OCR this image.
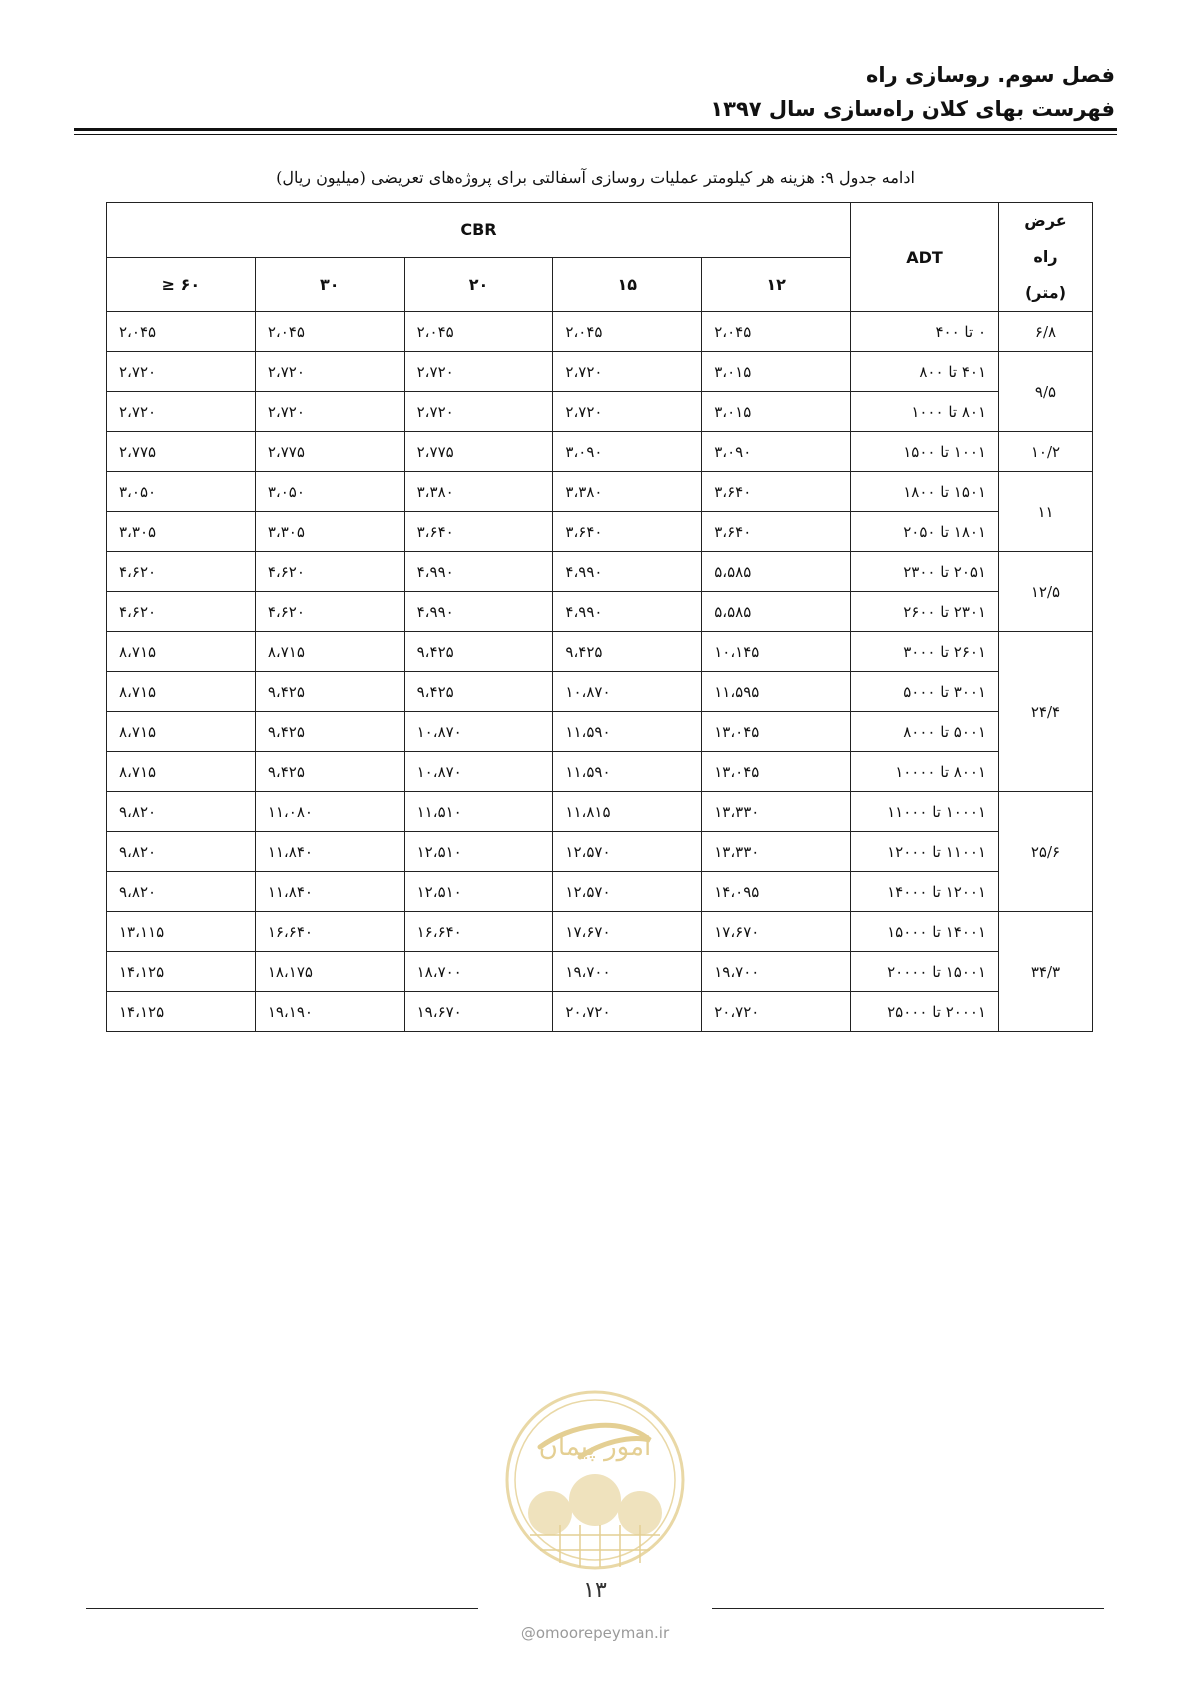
فصل سوم. روسازی راه
فهرست بهای کلان راه‌سازی سال ۱۳۹۷
ادامه جدول ۹: هزینه هر کیلومتر عملیات روسازی آسفالتی برای پروژه‌های تعریضی (میلیون ریال)
عرض راه (متر)	ADT	CBR				
		۱۲	۱۵	۲۰	۳۰	۶۰ ≤
۶/۸	۰ تا ۴۰۰	۲،۰۴۵	۲،۰۴۵	۲،۰۴۵	۲،۰۴۵	۲،۰۴۵
۹/۵	۴۰۱ تا ۸۰۰	۳،۰۱۵	۲،۷۲۰	۲،۷۲۰	۲،۷۲۰	۲،۷۲۰
	۸۰۱ تا ۱۰۰۰	۳،۰۱۵	۲،۷۲۰	۲،۷۲۰	۲،۷۲۰	۲،۷۲۰
۱۰/۲	۱۰۰۱ تا ۱۵۰۰	۳،۰۹۰	۳،۰۹۰	۲،۷۷۵	۲،۷۷۵	۲،۷۷۵
۱۱	۱۵۰۱ تا ۱۸۰۰	۳،۶۴۰	۳،۳۸۰	۳،۳۸۰	۳،۰۵۰	۳،۰۵۰
	۱۸۰۱ تا ۲۰۵۰	۳،۶۴۰	۳،۶۴۰	۳،۶۴۰	۳،۳۰۵	۳،۳۰۵
۱۲/۵	۲۰۵۱ تا ۲۳۰۰	۵،۵۸۵	۴،۹۹۰	۴،۹۹۰	۴،۶۲۰	۴،۶۲۰
	۲۳۰۱ تا ۲۶۰۰	۵،۵۸۵	۴،۹۹۰	۴،۹۹۰	۴،۶۲۰	۴،۶۲۰
۲۴/۴	۲۶۰۱ تا ۳۰۰۰	۱۰،۱۴۵	۹،۴۲۵	۹،۴۲۵	۸،۷۱۵	۸،۷۱۵
	۳۰۰۱ تا ۵۰۰۰	۱۱،۵۹۵	۱۰،۸۷۰	۹،۴۲۵	۹،۴۲۵	۸،۷۱۵
	۵۰۰۱ تا ۸۰۰۰	۱۳،۰۴۵	۱۱،۵۹۰	۱۰،۸۷۰	۹،۴۲۵	۸،۷۱۵
	۸۰۰۱ تا ۱۰۰۰۰	۱۳،۰۴۵	۱۱،۵۹۰	۱۰،۸۷۰	۹،۴۲۵	۸،۷۱۵
۲۵/۶	۱۰۰۰۱ تا ۱۱۰۰۰	۱۳،۳۳۰	۱۱،۸۱۵	۱۱،۵۱۰	۱۱،۰۸۰	۹،۸۲۰
	۱۱۰۰۱ تا ۱۲۰۰۰	۱۳،۳۳۰	۱۲،۵۷۰	۱۲،۵۱۰	۱۱،۸۴۰	۹،۸۲۰
	۱۲۰۰۱ تا ۱۴۰۰۰	۱۴،۰۹۵	۱۲،۵۷۰	۱۲،۵۱۰	۱۱،۸۴۰	۹،۸۲۰
۳۴/۳	۱۴۰۰۱ تا ۱۵۰۰۰	۱۷،۶۷۰	۱۷،۶۷۰	۱۶،۶۴۰	۱۶،۶۴۰	۱۳،۱۱۵
	۱۵۰۰۱ تا ۲۰۰۰۰	۱۹،۷۰۰	۱۹،۷۰۰	۱۸،۷۰۰	۱۸،۱۷۵	۱۴،۱۲۵
	۲۰۰۰۱ تا ۲۵۰۰۰	۲۰،۷۲۰	۲۰،۷۲۰	۱۹،۶۷۰	۱۹،۱۹۰	۱۴،۱۲۵
امور پیمان
۱۳
@omoorepeyman.ir
